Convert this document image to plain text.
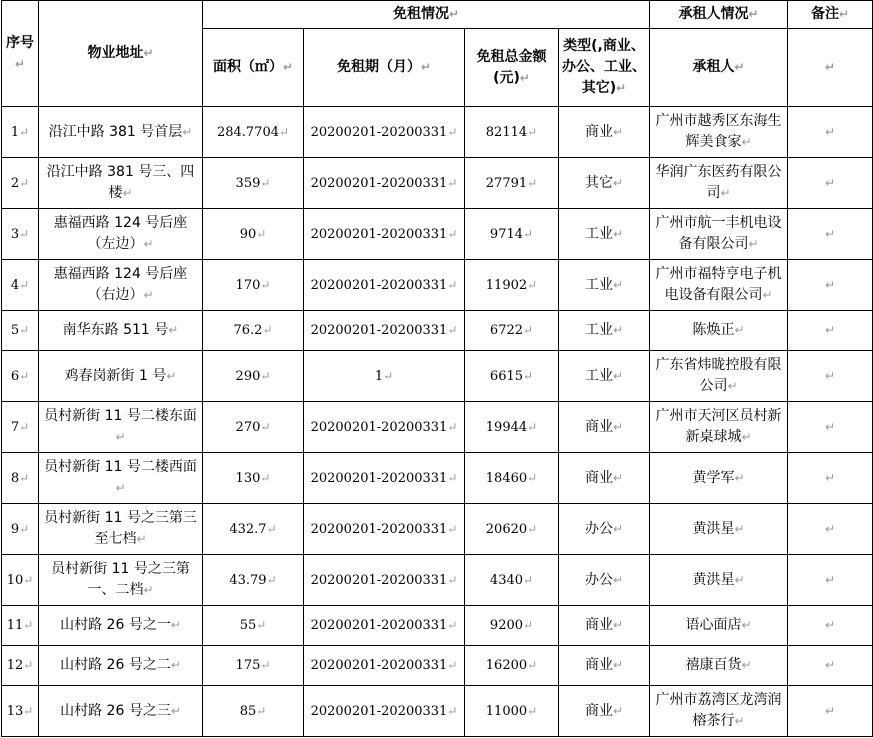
序号↵	物业地址↵	免租情况↵				承租人情况↵	备注↵
		面积（㎡）↵	免租期（月）↵	免租总金额(元)↵	类型(,商业、办公、工业、其它)↵	承租人↵	↵
1↵	沿江中路 381 号首层↵	284.7704↵	20200201-20200331↵	82114↵	商业↵	广州市越秀区东海生辉美食家↵	↵
2↵	沿江中路 381 号三、四楼↵	359↵	20200201-20200331↵	27791↵	其它↵	华润广东医药有限公司↵	↵
3↵	惠福西路 124 号后座（左边）↵	90↵	20200201-20200331↵	9714↵	工业↵	广州市航一丰机电设备有限公司↵	↵
4↵	惠福西路 124 号后座（右边）↵	170↵	20200201-20200331↵	11902↵	工业↵	广州市福特亨电子机电设备有限公司↵	↵
5↵	南华东路 511 号↵	76.2↵	20200201-20200331↵	6722↵	工业↵	陈焕正↵	↵
6↵	鸡春岗新街 1 号↵	290↵	1↵	6615↵	工业↵	广东省炜昽控股有限公司↵	↵
7↵	员村新街 11 号二楼东面↵	270↵	20200201-20200331↵	19944↵	商业↵	广州市天河区员村新新桌球城↵	↵
8↵	员村新街 11 号二楼西面↵	130↵	20200201-20200331↵	18460↵	商业↵	黄学军↵	↵
9↵	员村新街 11 号之三第三至七档↵	432.7↵	20200201-20200331↵	20620↵	办公↵	黄洪星↵	↵
10↵	员村新街 11 号之三第一、二档↵	43.79↵	20200201-20200331↵	4340↵	办公↵	黄洪星↵	↵
11↵	山村路 26 号之一↵	55↵	20200201-20200331↵	9200↵	商业↵	语心面店↵	↵
12↵	山村路 26 号之二↵	175↵	20200201-20200331↵	16200↵	商业↵	禧康百货↵	↵
13↵	山村路 26 号之三↵	85↵	20200201-20200331↵	11000↵	商业↵	广州市荔湾区龙湾润榕茶行↵	↵
